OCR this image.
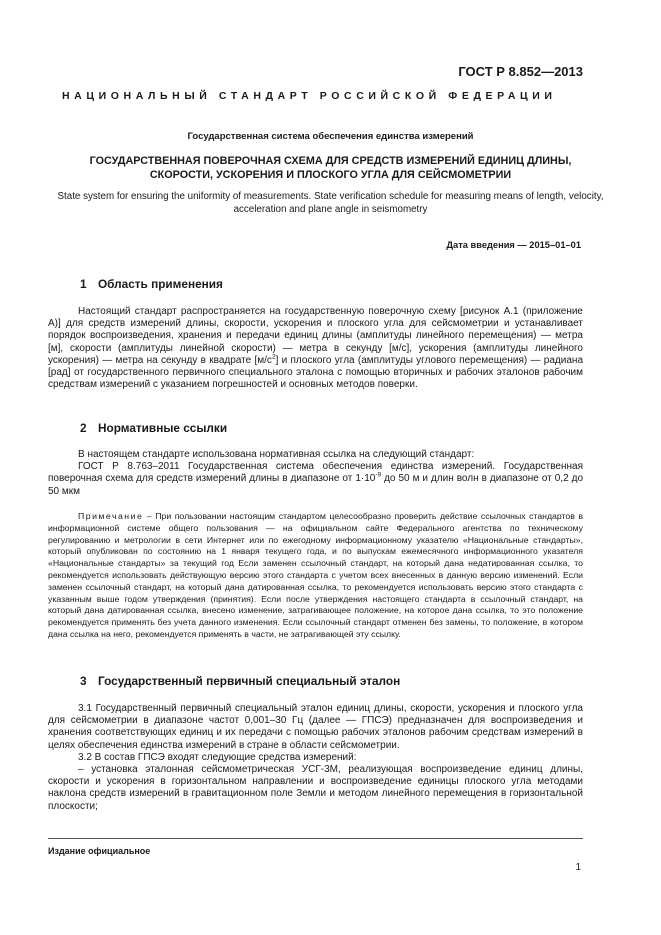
ГОСТ Р 8.852—2013
НАЦИОНАЛЬНЫЙ СТАНДАРТ РОССИЙСКОЙ ФЕДЕРАЦИИ
Государственная система обеспечения единства измерений
ГОСУДАРСТВЕННАЯ ПОВЕРОЧНАЯ СХЕМА ДЛЯ СРЕДСТВ ИЗМЕРЕНИЙ ЕДИНИЦ ДЛИНЫ, СКОРОСТИ, УСКОРЕНИЯ И ПЛОСКОГО УГЛА ДЛЯ СЕЙСМОМЕТРИИ
State system for ensuring the uniformity of measurements. State verification schedule for measuring means of length, velocity, acceleration and plane angle in seismometry
Дата введения — 2015–01–01
1 Область применения

Настоящий стандарт распространяется на государственную поверочную схему [рисунок А.1 (приложение А)] для средств измерений длины, скорости, ускорения и плоского угла для сейсмометрии и устанавливает порядок воспроизведения, хранения и передачи единиц длины (амплитуды линейного перемещения) — метра [м], скорости (амплитуды линейной скорости) — метра в секунду [м/с], ускорения (амплитуды линейного ускорения) — метра на секунду в квадрате $[м/с^2]$ и плоского угла (амплитуды углового перемещения) — радиана [рад] от государственного первичного специального эталона с помощью вторичных и рабочих эталонов рабочим средствам измерений с указанием погрешностей и основных методов поверки.

2 Нормативные ссылки

В настоящем стандарте использована нормативная ссылка на следующий стандарт:

ГОСТ Р 8.763–2011 Государственная система обеспечения единства измерений. Государственная поверочная схема для средств измерений длины в диапазоне от $1\cdot 10^{-9}$ до 50 м и длин волн в диапазоне от 0,2 до 50 мкм

Примечание – При пользовании настоящим стандартом целесообразно проверить действие ссылочных стандартов в информационной системе общего пользования — на официальном сайте Федерального агентства по техническому регулированию и метрологии в сети Интернет или по ежегодному информационному указателю «Национальные стандарты», который опубликован по состоянию на 1 января текущего года, и по выпускам ежемесячного информационного указателя «Национальные стандарты» за текущий год Если заменен ссылочный стандарт, на который дана недатированная ссылка, то рекомендуется использовать действующую версию этого стандарта с учетом всех внесенных в данную версию изменений. Если заменен ссылочный стандарт, на который дана датированная ссылка, то рекомендуется использовать версию этого стандарта с указанным выше годом утверждения (принятия). Если после утверждения настоящего стандарта в ссылочный стандарт, на который дана датированная ссылка, внесено изменение, затрагивающее положение, на которое дана ссылка, то это положение рекомендуется применять без учета данного изменения. Если ссылочный стандарт отменен без замены, то положение, в котором дана ссылка на него, рекомендуется применять в части, не затрагивающей эту ссылку.

3 Государственный первичный специальный эталон

3.1 Государственный первичный специальный эталон единиц длины, скорости, ускорения и плоского угла для сейсмометрии в диапазоне частот 0,001–30 Гц (далее — ГПСЭ) предназначен для воспроизведения и хранения соответствующих единиц и их передачи с помощью рабочих эталонов рабочим средствам измерений в целях обеспечения единства измерений в стране в области сейсмометрии.

3.2 В состав ГПСЭ входят следующие средства измерений:

– установка эталонная сейсмометрическая УСГ-3М, реализующая воспроизведение единиц длины, скорости и ускорения в горизонтальном направлении и воспроизведение единицы плоского угла методами наклона средств измерений в гравитационном поле Земли и методом линейного перемещения в горизонтальной плоскости;

Издание официальное
1
